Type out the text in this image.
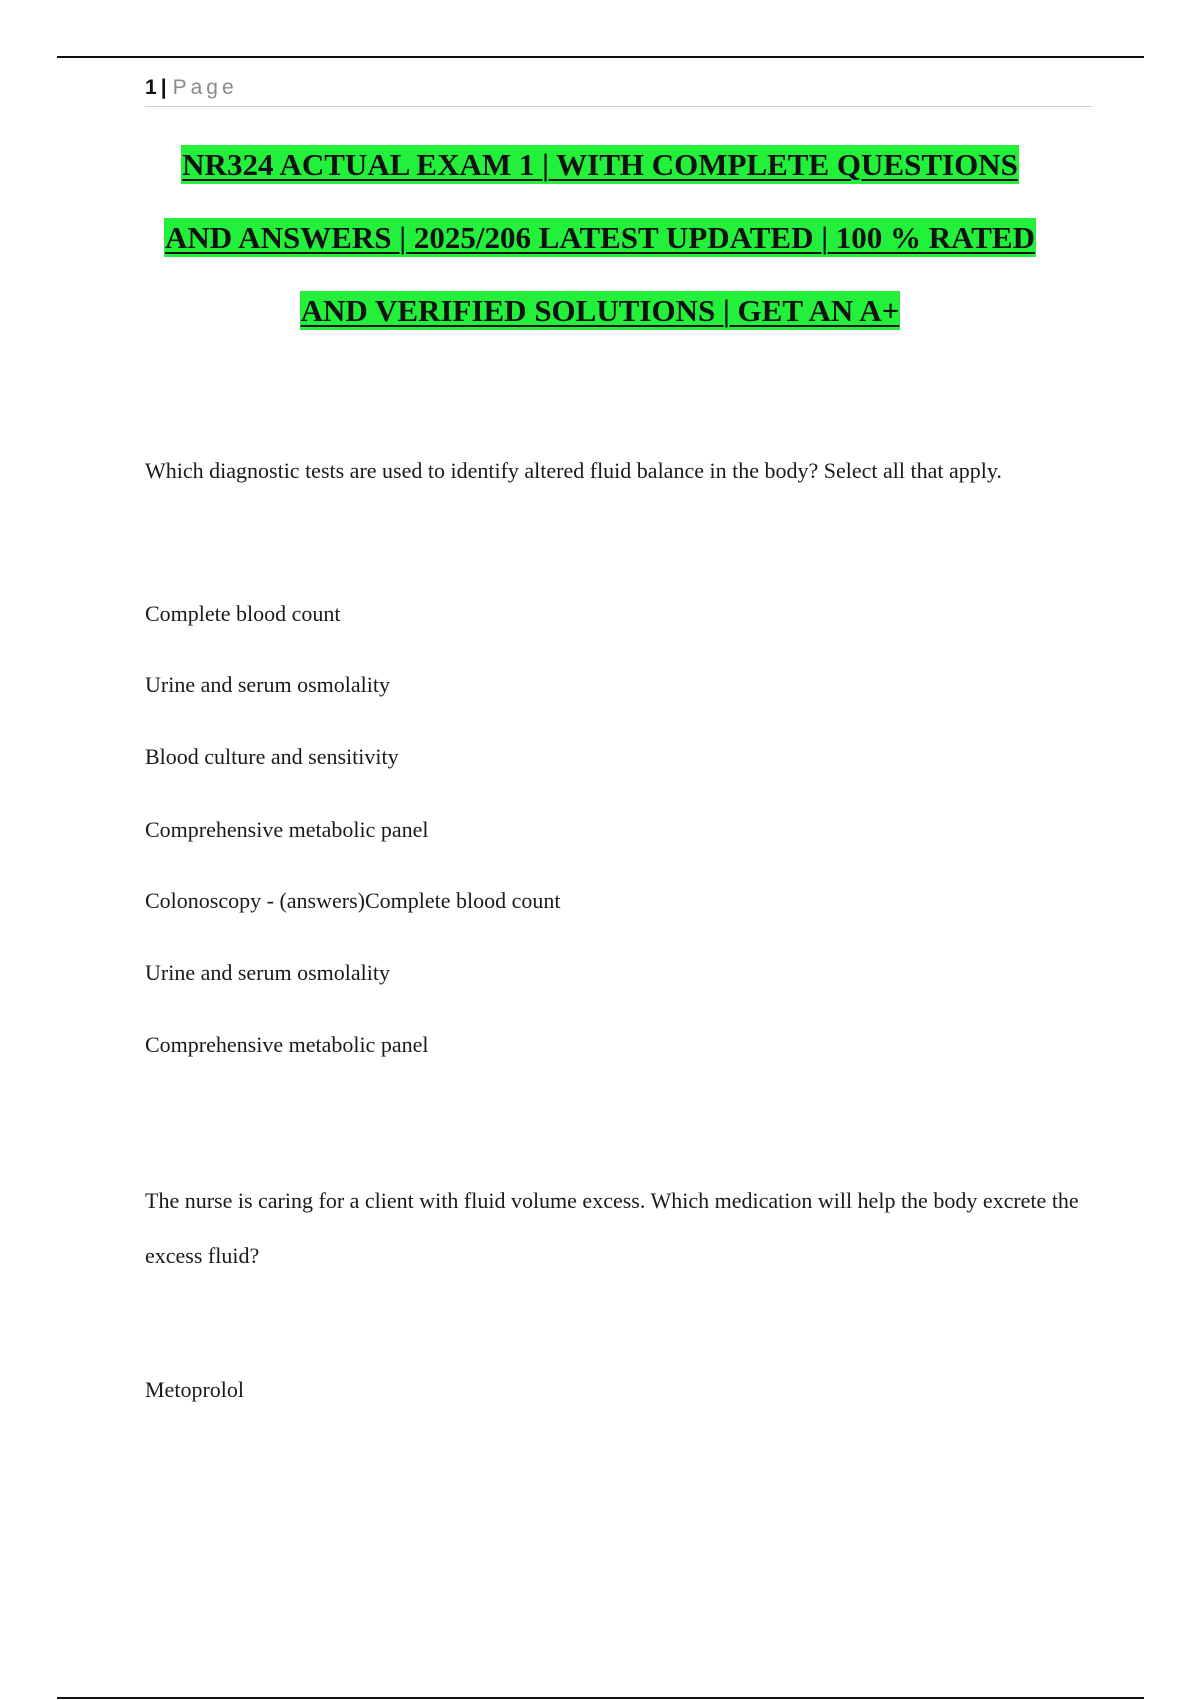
1 | Page
NR324 ACTUAL EXAM 1 | WITH COMPLETE QUESTIONS
AND ANSWERS | 2025/206 LATEST UPDATED | 100 % RATED
AND VERIFIED SOLUTIONS | GET AN A+
Which diagnostic tests are used to identify altered fluid balance in the body? Select all that apply.
Complete blood count
Urine and serum osmolality
Blood culture and sensitivity
Comprehensive metabolic panel
Colonoscopy - (answers)Complete blood count
Urine and serum osmolality
Comprehensive metabolic panel
The nurse is caring for a client with fluid volume excess. Which medication will help the body excrete the excess fluid?
Metoprolol
